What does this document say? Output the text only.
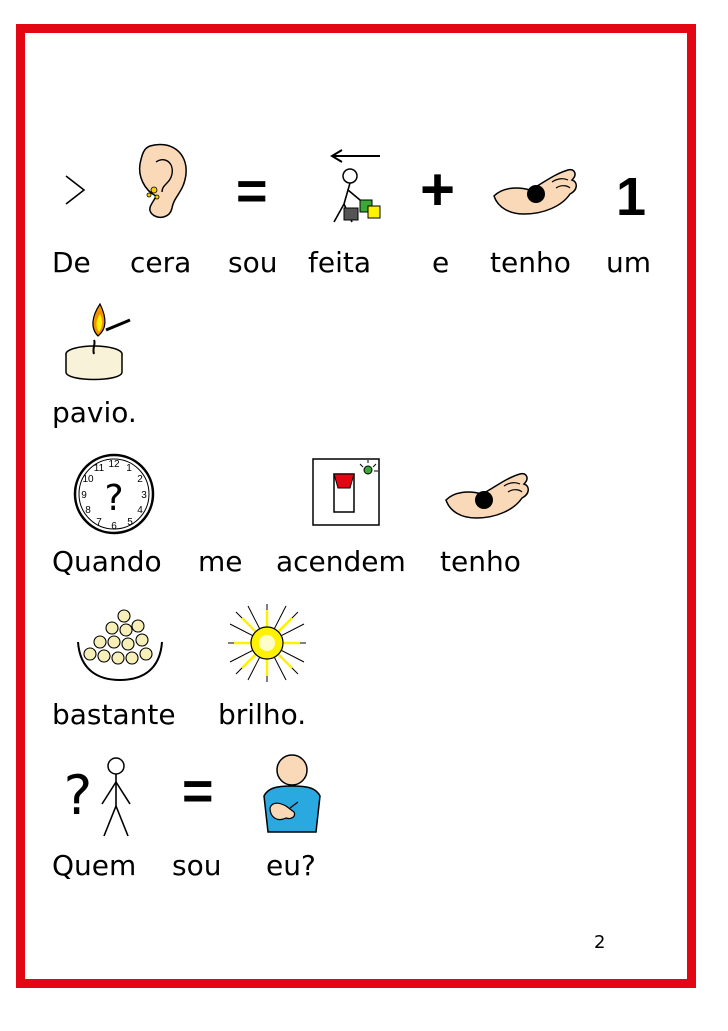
=	+	1
De cera sou feita e tenho um
pavio.
12 1
2
3
4
5
6
7
8
9
10
11
?
Quando me acendem tenho
bastante brilho.
? =
Quem sou eu?
2
